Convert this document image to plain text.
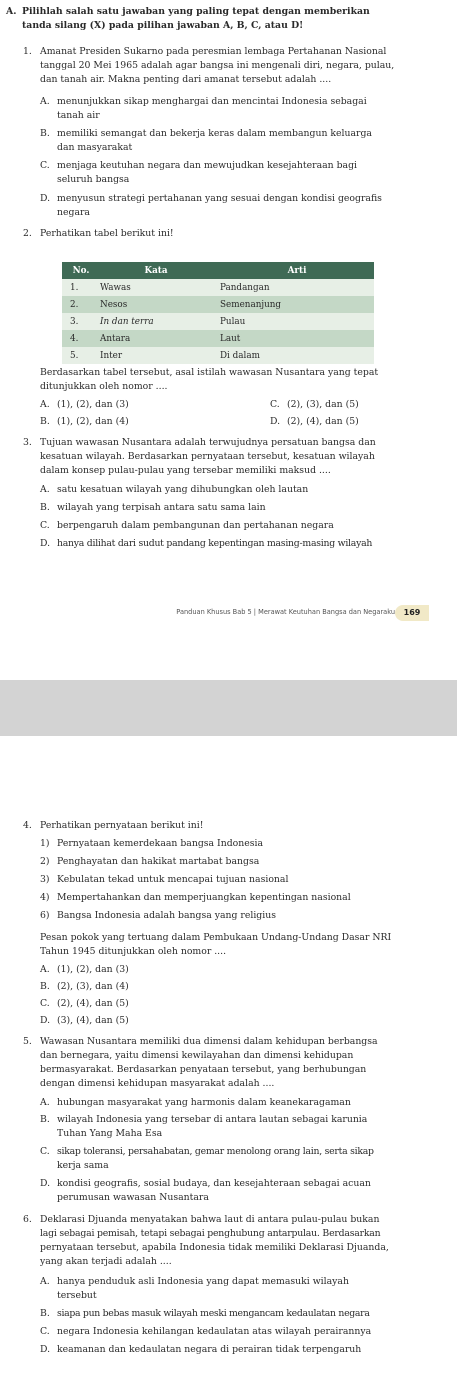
A. Pilihlah salah satu jawaban yang paling tepat dengan memberikan
tanda silang (X) pada pilihan jawaban A, B, C, atau D!
1. Amanat Presiden Sukarno pada peresmian lembaga Pertahanan Nasional
tanggal 20 Mei 1965 adalah agar bangsa ini mengenali diri, negara, pulau,
dan tanah air. Makna penting dari amanat tersebut adalah ....
A. menunjukkan sikap menghargai dan mencintai Indonesia sebagai
tanah air
B. memiliki semangat dan bekerja keras dalam membangun keluarga
dan masyarakat
C. menjaga keutuhan negara dan mewujudkan kesejahteraan bagi
seluruh bangsa
D. menyusun strategi pertahanan yang sesuai dengan kondisi geografis
negara
2. Perhatikan tabel berikut ini!
No.	Kata	Arti
1.	Wawas	Pandangan
2.	Nesos	Semenanjung
3.	In dan terra	Pulau
4.	Antara	Laut
5.	Inter	Di dalam
Berdasarkan tabel tersebut, asal istilah wawasan Nusantara yang tepat
ditunjukkan oleh nomor ....
A. (1), (2), dan (3)	C. (2), (3), dan (5)
B. (1), (2), dan (4)	D. (2), (4), dan (5)
3. Tujuan wawasan Nusantara adalah terwujudnya persatuan bangsa dan
kesatuan wilayah. Berdasarkan pernyataan tersebut, kesatuan wilayah
dalam konsep pulau-pulau yang tersebar memiliki maksud ....
A. satu kesatuan wilayah yang dihubungkan oleh lautan
B. wilayah yang terpisah antara satu sama lain
C. berpengaruh dalam pembangunan dan pertahanan negara
D. hanya dilihat dari sudut pandang kepentingan masing-masing wilayah
Panduan Khusus Bab 5 | Merawat Keutuhan Bangsa dan Negaraku	169
4. Perhatikan pernyataan berikut ini!
1) Pernyataan kemerdekaan bangsa Indonesia
2) Penghayatan dan hakikat martabat bangsa
3) Kebulatan tekad untuk mencapai tujuan nasional
4) Mempertahankan dan memperjuangkan kepentingan nasional
6) Bangsa Indonesia adalah bangsa yang religius
Pesan pokok yang tertuang dalam Pembukaan Undang-Undang Dasar NRI
Tahun 1945 ditunjukkan oleh nomor ....
A. (1), (2), dan (3)
B. (2), (3), dan (4)
C. (2), (4), dan (5)
D. (3), (4), dan (5)
5. Wawasan Nusantara memiliki dua dimensi dalam kehidupan berbangsa
dan bernegara, yaitu dimensi kewilayahan dan dimensi kehidupan
bermasyarakat. Berdasarkan penyataan tersebut, yang berhubungan
dengan dimensi kehidupan masyarakat adalah ....
A. hubungan masyarakat yang harmonis dalam keanekaragaman
B. wilayah Indonesia yang tersebar di antara lautan sebagai karunia
Tuhan Yang Maha Esa
C. sikap toleransi, persahabatan, gemar menolong orang lain, serta sikap
kerja sama
D. kondisi geografis, sosial budaya, dan kesejahteraan sebagai acuan
perumusan wawasan Nusantara
6. Deklarasi Djuanda menyatakan bahwa laut di antara pulau-pulau bukan
lagi sebagai pemisah, tetapi sebagai penghubung antarpulau. Berdasarkan
pernyataan tersebut, apabila Indonesia tidak memiliki Deklarasi Djuanda,
yang akan terjadi adalah ....
A. hanya penduduk asli Indonesia yang dapat memasuki wilayah
tersebut
B. siapa pun bebas masuk wilayah meski mengancam kedaulatan negara
C. negara Indonesia kehilangan kedaulatan atas wilayah perairannya
D. keamanan dan kedaulatan negara di perairan tidak terpengaruh
